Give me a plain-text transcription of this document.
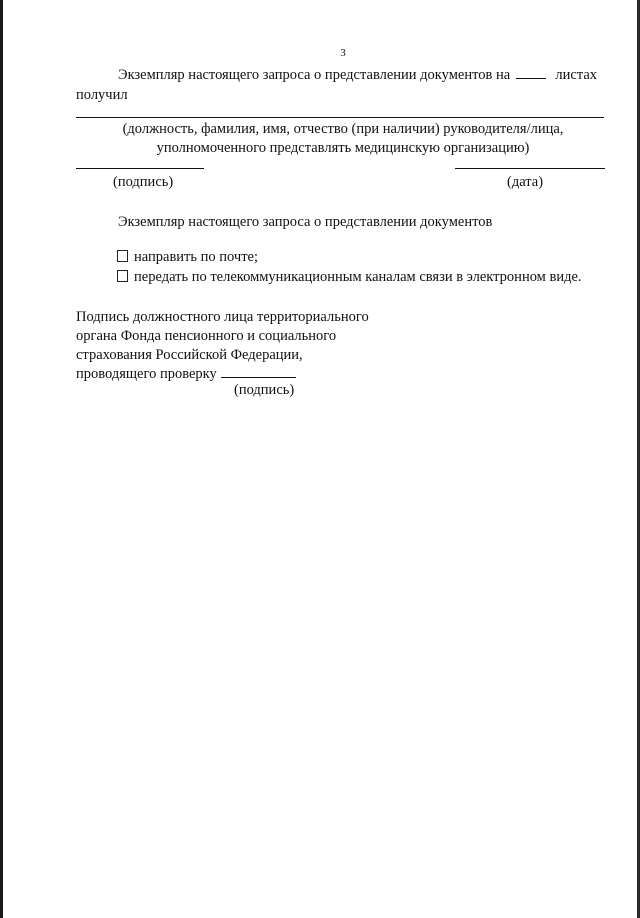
3
Экземпляр настоящего запроса о представлении документов на	листах
получил
(должность, фамилия, имя, отчество (при наличии) руководителя/лица,
уполномоченного представлять медицинскую организацию)
(подпись)	(дата)
Экземпляр настоящего запроса о представлении документов
направить по почте;
передать по телекоммуникационным каналам связи в электронном виде.
Подпись должностного лица территориального
органа Фонда пенсионного и социального
страхования Российской Федерации,
проводящего проверку
(подпись)
